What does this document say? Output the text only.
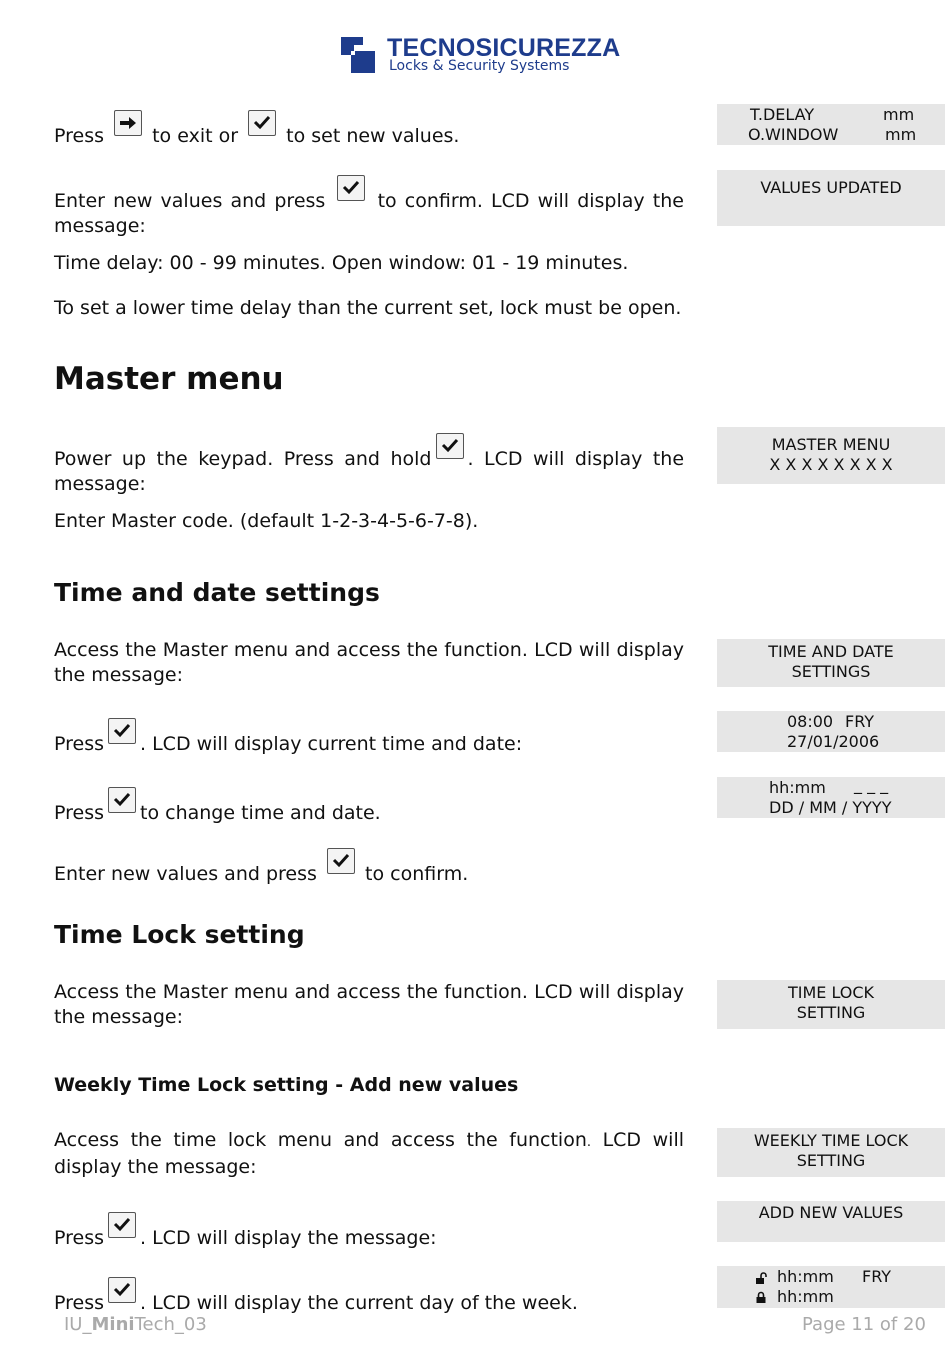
TECNOSICUREZZA
Locks & Security Systems
Press	to exit or	to set new values.
Enter new values and press	to confirm. LCD will display the message:
Time delay: 00 - 99 minutes. Open window: 01 - 19 minutes.
To set a lower time delay than the current set, lock must be open.
Master menu
Power up the keypad. Press and hold . LCD will display the message:
Enter Master code. (default 1-2-3-4-5-6-7-8).
Time and date settings
Access the Master menu and access the function. LCD will display the message:
Press . LCD will display current time and date:
Press to change time and date.
Enter new values and press	to confirm.
Time Lock setting
Access the Master menu and access the function. LCD will display the message:
Weekly Time Lock setting - Add new values
Access the time lock menu and access the function. LCD will display the message:
Press . LCD will display the message:
Press . LCD will display the current day of the week.
T.DELAY	mm
O.WINDOW	mm
VALUES UPDATED
MASTER MENU
X X X X X X X X
TIME AND DATE
SETTINGS
08:00 FRY
27/01/2006
hh:mm _ _ _
DD / MM / YYYY
TIME LOCK
SETTING
WEEKLY TIME LOCK
SETTING
ADD NEW VALUES
hh:mm FRY
hh:mm
IU_MiniTech_03	Page 11 of 20
